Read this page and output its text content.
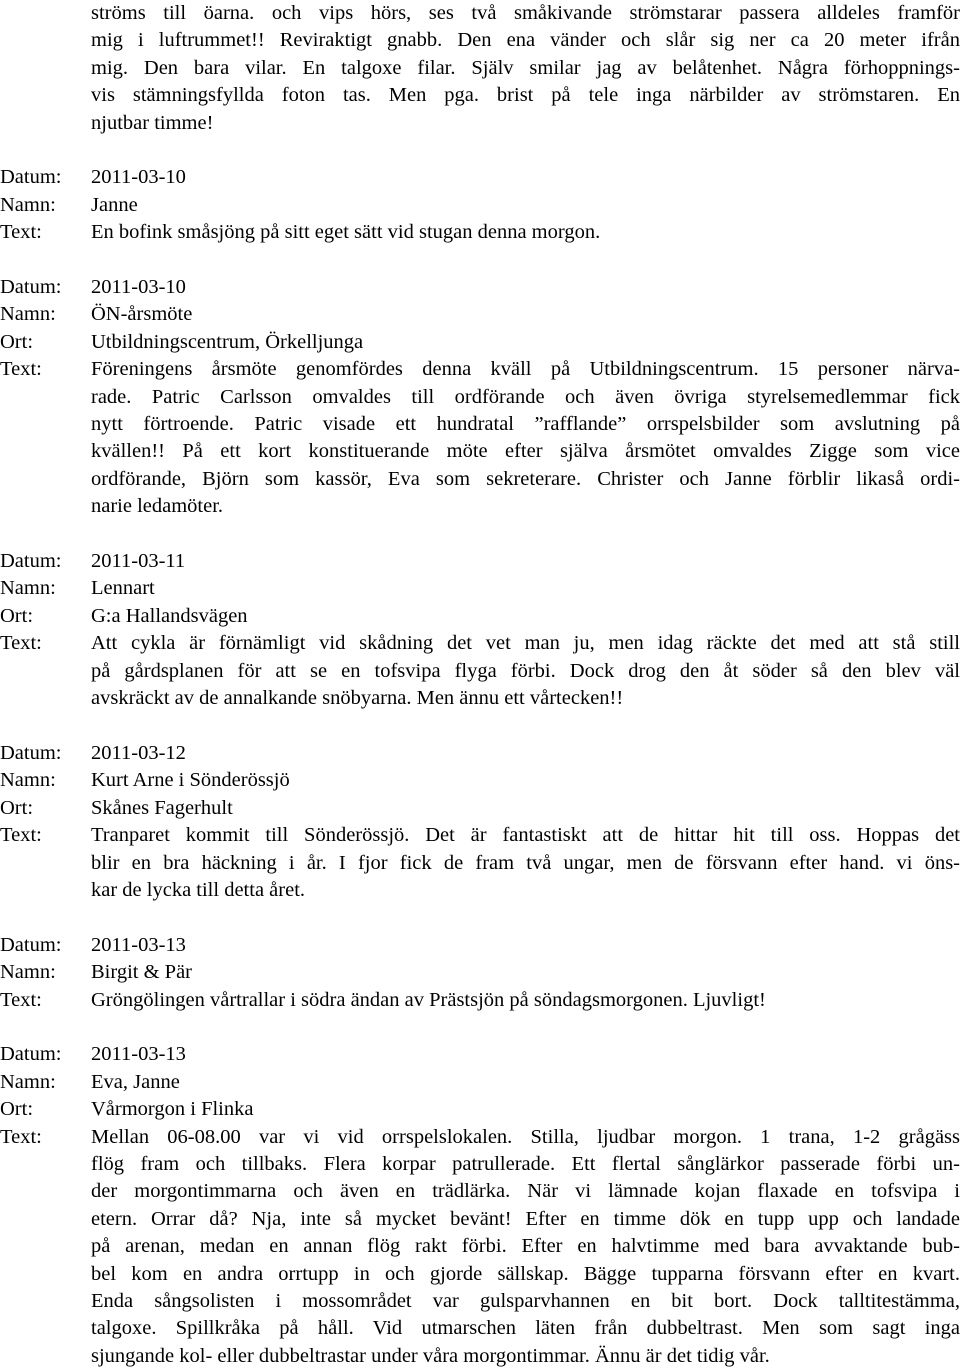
ströms till öarna. och vips hörs, ses två småkivande strömstarar passera alldeles framför
mig i luftrummet!! Reviraktigt gnabb. Den ena vänder och slår sig ner ca 20 meter ifrån
mig. Den bara vilar. En talgoxe filar. Själv smilar jag av belåtenhet. Några förhoppnings-
vis stämningsfyllda foton tas. Men pga. brist på tele inga närbilder av strömstaren. En
njutbar timme!
Datum:	2011-03-10
Namn:	Janne
Text:	En bofink småsjöng på sitt eget sätt vid stugan denna morgon.
Datum:	2011-03-10
Namn:	ÖN-årsmöte
Ort:	Utbildningscentrum, Örkelljunga
Text:	Föreningens årsmöte genomfördes denna kväll på Utbildningscentrum. 15 personer närva-
rade. Patric Carlsson omvaldes till ordförande och även övriga styrelsemedlemmar fick
nytt förtroende. Patric visade ett hundratal ”rafflande” orrspelsbilder som avslutning på
kvällen!! På ett kort konstituerande möte efter själva årsmötet omvaldes Zigge som vice
ordförande, Björn som kassör, Eva som sekreterare. Christer och Janne förblir likaså ordi-
narie ledamöter.
Datum:	2011-03-11
Namn:	Lennart
Ort:	G:a Hallandsvägen
Text:	Att cykla är förnämligt vid skådning det vet man ju, men idag räckte det med att stå still
på gårdsplanen för att se en tofsvipa flyga förbi. Dock drog den åt söder så den blev väl
avskräckt av de annalkande snöbyarna. Men ännu ett vårtecken!!
Datum:	2011-03-12
Namn:	Kurt Arne i Sönderössjö
Ort:	Skånes Fagerhult
Text:	Tranparet kommit till Sönderössjö. Det är fantastiskt att de hittar hit till oss. Hoppas det
blir en bra häckning i år. I fjor fick de fram två ungar, men de försvann efter hand. vi öns-
kar de lycka till detta året.
Datum:	2011-03-13
Namn:	Birgit & Pär
Text:	Gröngölingen vårtrallar i södra ändan av Prästsjön på söndagsmorgonen. Ljuvligt!
Datum:	2011-03-13
Namn:	Eva, Janne
Ort:	Vårmorgon i Flinka
Text:	Mellan 06-08.00 var vi vid orrspelslokalen. Stilla, ljudbar morgon. 1 trana, 1-2 grågäss
flög fram och tillbaks. Flera korpar patrullerade. Ett flertal sånglärkor passerade förbi un-
der morgontimmarna och även en trädlärka. När vi lämnade kojan flaxade en tofsvipa i
etern. Orrar då? Nja, inte så mycket bevänt! Efter en timme dök en tupp upp och landade
på arenan, medan en annan flög rakt förbi. Efter en halvtimme med bara avvaktande bub-
bel kom en andra orrtupp in och gjorde sällskap. Bägge tupparna försvann efter en kvart.
Enda sångsolisten i mossområdet var gulsparvhannen en bit bort. Dock talltitestämma,
talgoxe. Spillkråka på håll. Vid utmarschen läten från dubbeltrast. Men som sagt inga
sjungande kol- eller dubbeltrastar under våra morgontimmar. Ännu är det tidig vår.
